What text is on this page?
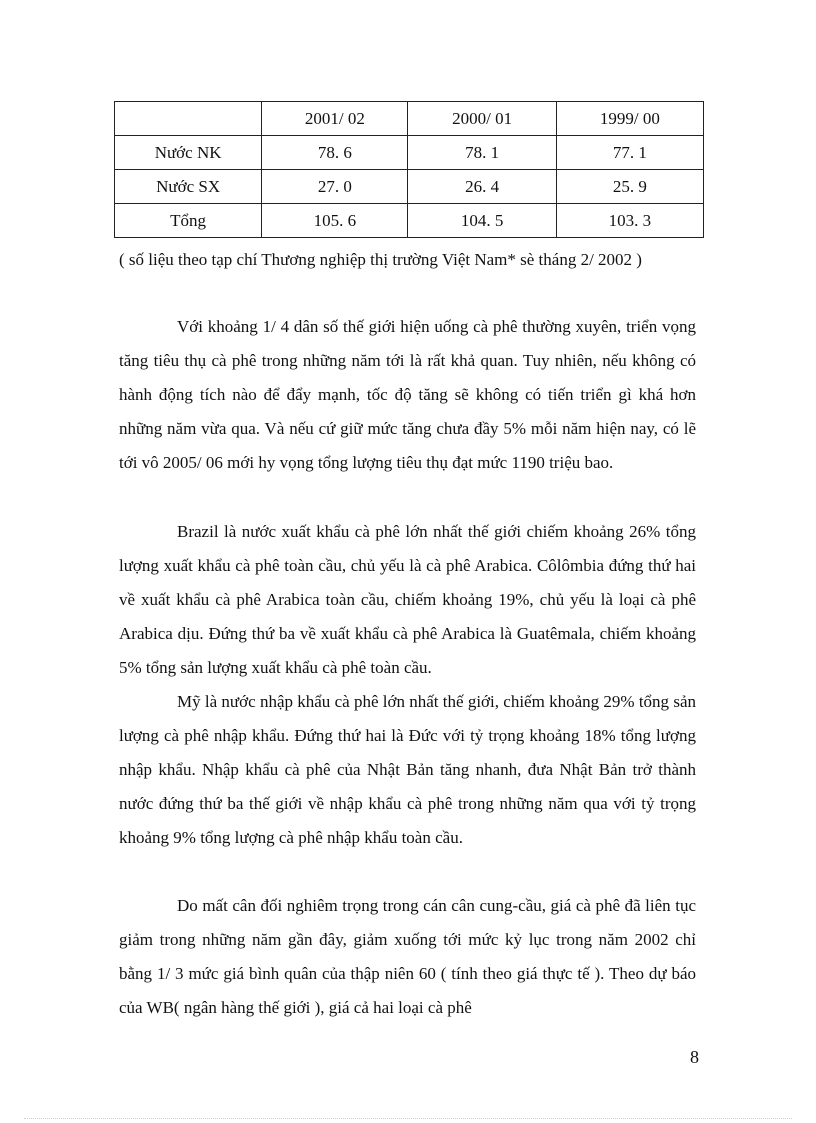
	2001/ 02	2000/ 01	1999/ 00
Nước NK	78. 6	78. 1	77. 1
Nước SX	27. 0	26. 4	25. 9
Tổng	105. 6	104. 5	103. 3

( số liệu theo tạp chí Thương nghiệp thị trường Việt Nam* sè tháng 2/ 2002 )

Với khoảng 1/ 4 dân số thế giới hiện uống cà phê thường xuyên, triển vọng tăng tiêu thụ cà phê trong những năm tới là rất khả quan. Tuy nhiên, nếu không có hành động tích nào để đẩy mạnh, tốc độ tăng sẽ không có tiến triển gì khá hơn những năm vừa qua. Và nếu cứ giữ mức tăng chưa đầy 5% mỗi năm hiện nay, có lẽ tới vô 2005/ 06 mới hy vọng tổng lượng tiêu thụ đạt mức 1190 triệu bao.

Brazil là nước xuất khẩu cà phê lớn nhất thế giới chiếm khoảng 26% tổng lượng xuất khẩu cà phê toàn cầu, chủ yếu là cà phê Arabica. Côlômbia đứng thứ hai về xuất khẩu cà phê Arabica toàn cầu, chiếm khoảng 19%, chủ yếu là loại cà phê Arabica dịu. Đứng thứ ba về xuất khẩu cà phê Arabica là Guatêmala, chiếm khoảng 5% tổng sản lượng xuất khẩu cà phê toàn cầu.

Mỹ là nước nhập khẩu cà phê lớn nhất thế giới, chiếm khoảng 29% tổng sản lượng cà phê nhập khẩu. Đứng thứ hai là Đức với tỷ trọng khoảng 18% tổng lượng nhập khẩu. Nhập khẩu cà phê của Nhật Bản tăng nhanh, đưa Nhật Bản trở thành nước đứng thứ ba thế giới về nhập khẩu cà phê trong những năm qua với tỷ trọng khoảng 9% tổng lượng cà phê nhập khẩu toàn cầu.

Do mất cân đối nghiêm trọng trong cán cân cung-cầu, giá cà phê đã liên tục giảm trong những năm gần đây, giảm xuống tới mức kỷ lục trong năm 2002 chỉ bằng 1/ 3 mức giá bình quân của thập niên 60 ( tính theo giá thực tế ). Theo dự báo của WB( ngân hàng thế giới ), giá cả hai loại cà phê

8
